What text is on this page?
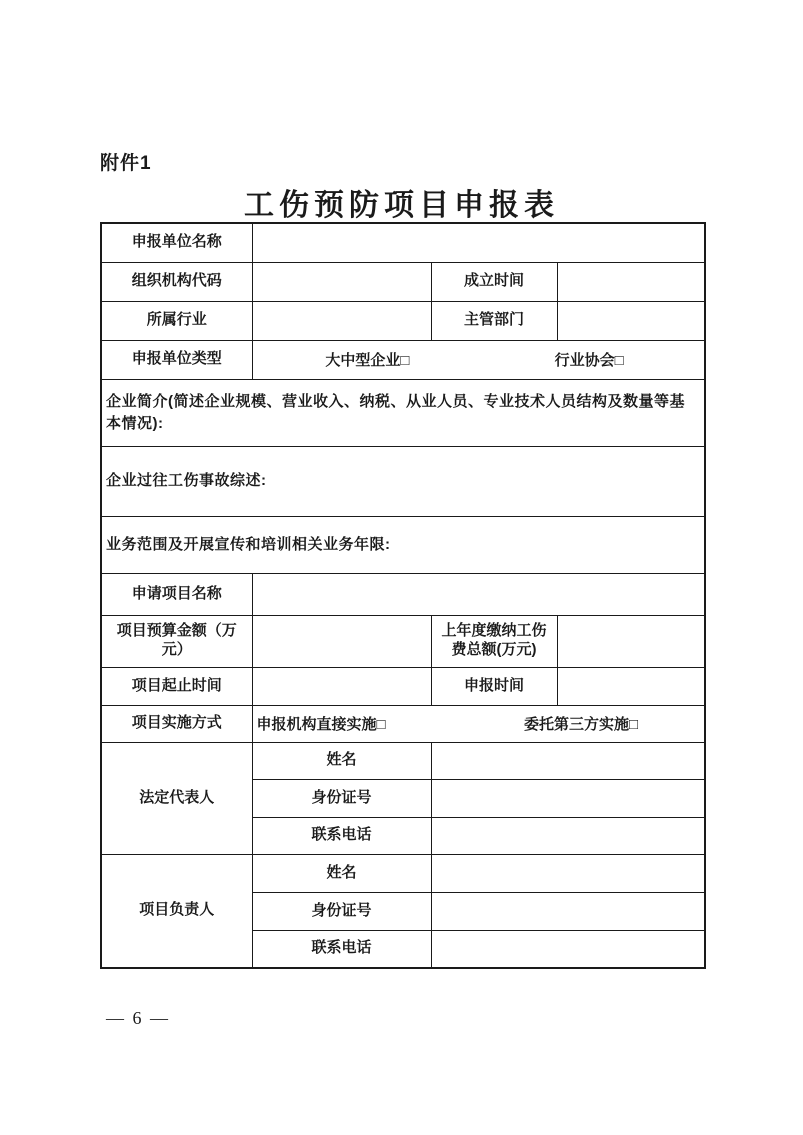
附件1
工伤预防项目申报表
申报单位名称			
组织机构代码		成立时间	
所属行业		主管部门	
申报单位类型	大中型企业□ 行业协会□		

企业简介(简述企业规模、营业收入、纳税、从业人员、专业技术人员结构及数量等基本情况):			
企业过往工伤事故综述:			
业务范围及开展宣传和培训相关业务年限:			
申请项目名称			
项目预算金额（万元）		上年度缴纳工伤费总额(万元)	
项目起止时间		申报时间	
项目实施方式	申报机构直接实施□ 委托第三方实施□		

法定代表人	姓名		
	身份证号		
	联系电话		
项目负责人	姓名		
	身份证号		
	联系电话		
— 6 —
